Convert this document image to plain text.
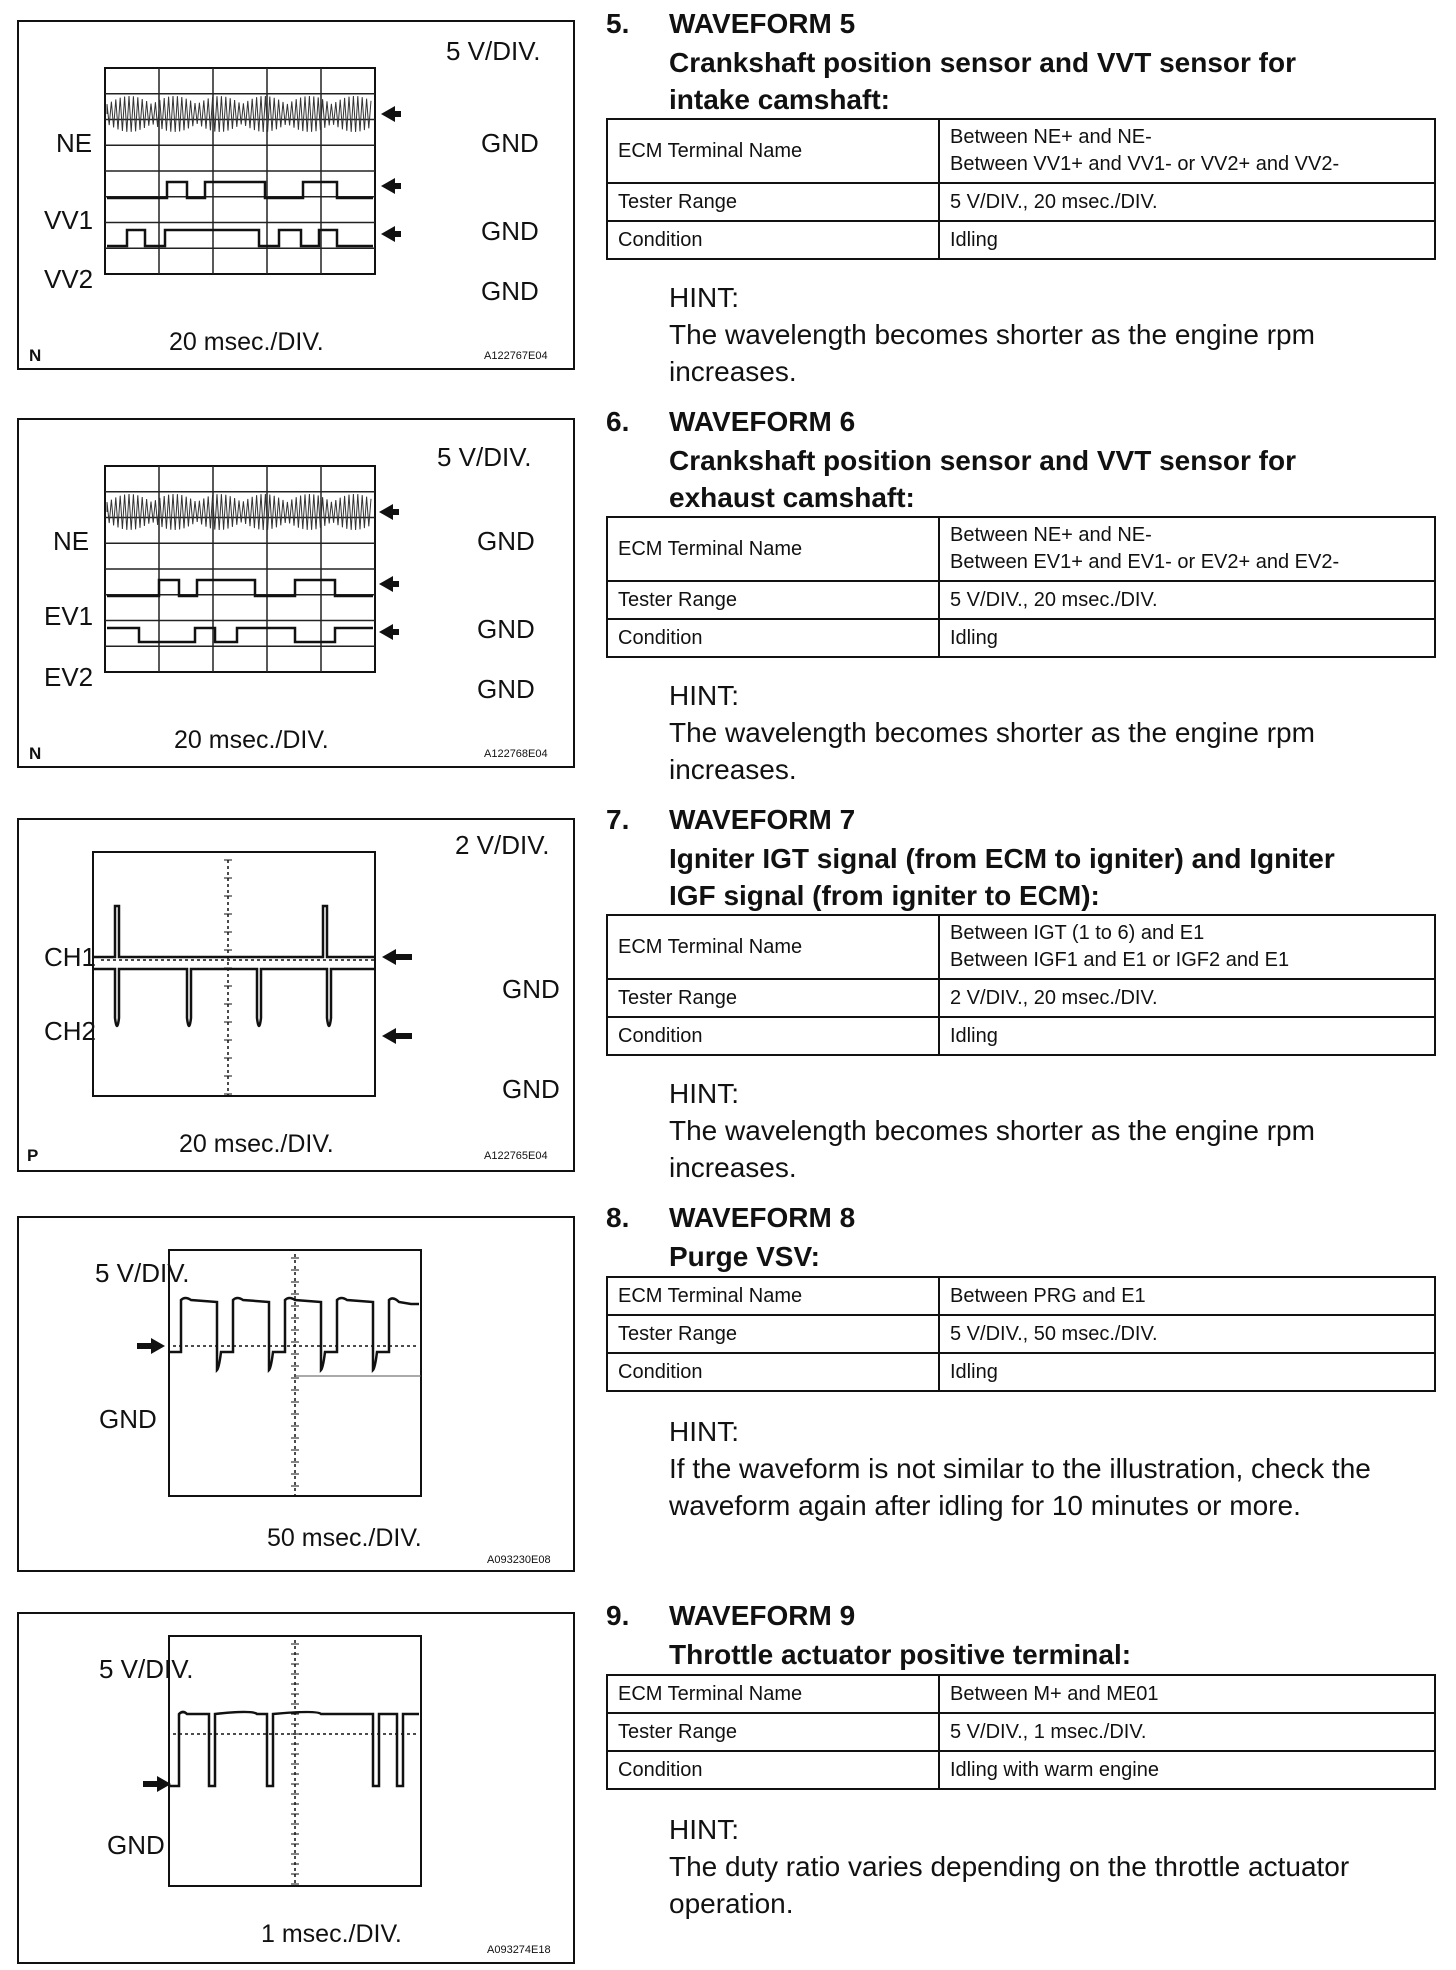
5 V/DIV.
NE
VV1
VV2
GND
GND
GND
20 msec./DIV.
N	A122767E04
5 V/DIV.
NE
EV1
EV2
GND
GND
GND
20 msec./DIV.
N	A122768E04
2 V/DIV.
CH1
CH2
GND
GND
20 msec./DIV.
P	A122765E04
5 V/DIV.
GND
50 msec./DIV.
A093230E08
5 V/DIV.
GND
1 msec./DIV.
A093274E18
5. WAVEFORM 5
Crankshaft position sensor and VVT sensor for
intake camshaft:
ECM Terminal Name	Between NE+ and NE-
Between VV1+ and VV1- or VV2+ and VV2-
Tester Range	5 V/DIV., 20 msec./DIV.
Condition	Idling
HINT:
The wavelength becomes shorter as the engine rpm increases.
6. WAVEFORM 6
Crankshaft position sensor and VVT sensor for
exhaust camshaft:
ECM Terminal Name	Between NE+ and NE-
Between EV1+ and EV1- or EV2+ and EV2-
Tester Range	5 V/DIV., 20 msec./DIV.
Condition	Idling
HINT:
The wavelength becomes shorter as the engine rpm increases.
7. WAVEFORM 7
Igniter IGT signal (from ECM to igniter) and Igniter
IGF signal (from igniter to ECM):
ECM Terminal Name	Between IGT (1 to 6) and E1
Between IGF1 and E1 or IGF2 and E1
Tester Range	2 V/DIV., 20 msec./DIV.
Condition	Idling
HINT:
The wavelength becomes shorter as the engine rpm increases.
8. WAVEFORM 8
Purge VSV:
ECM Terminal Name	Between PRG and E1
Tester Range	5 V/DIV., 50 msec./DIV.
Condition	Idling
HINT:
If the waveform is not similar to the illustration, check the waveform again after idling for 10 minutes or more.
9. WAVEFORM 9
Throttle actuator positive terminal:
ECM Terminal Name	Between M+ and ME01
Tester Range	5 V/DIV., 1 msec./DIV.
Condition	Idling with warm engine
HINT:
The duty ratio varies depending on the throttle actuator operation.
